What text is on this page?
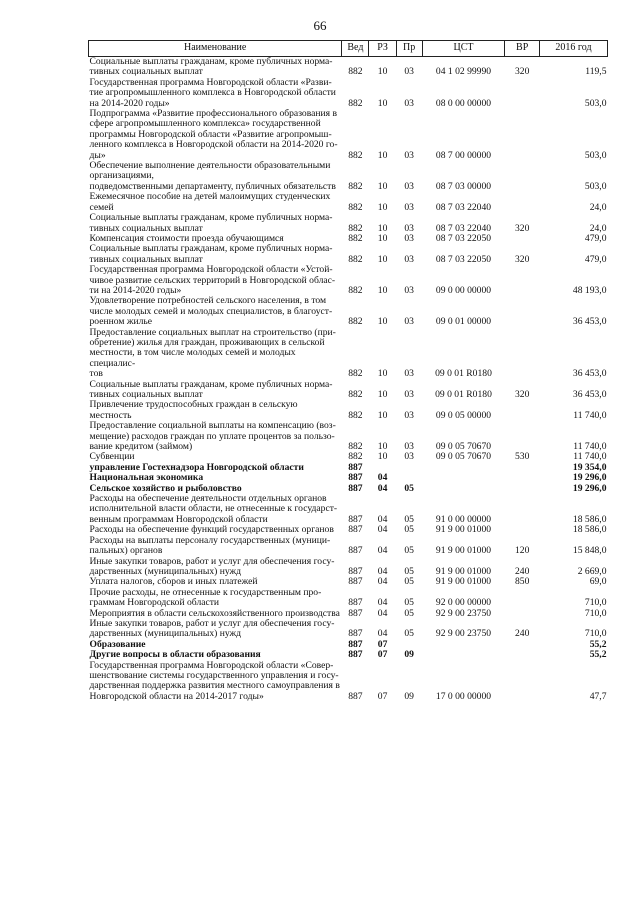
66
Наименование	Вед	РЗ	Пр	ЦСТ	ВР	2016 год

Социальные выплаты гражданам, кроме публичных норма-
тивных социальных выплат	882	10	03	04 1 02 99990	320	119,5

Государственная программа Новгородской области «Разви-
тие агропромышленного комплекса в Новгородской области
на 2014-2020 годы»	882	10	03	08 0 00 00000		503,0

Подпрограмма «Развитие профессионального образования в
сфере агропромышленного комплекса» государственной
программы Новгородской области «Развитие агропромыш-
ленного комплекса в Новгородской области на 2014-2020 го-
ды»	882	10	03	08 7 00 00000		503,0

Обеспечение выполнение деятельности образовательными организациями,
подведомственными департаменту, публичных обязательств	882	10	03	08 7 03 00000		503,0

Ежемесячное пособие на детей малоимущих студенческих
семей	882	10	03	08 7 03 22040		24,0

Социальные выплаты гражданам, кроме публичных норма-
тивных социальных выплат	882	10	03	08 7 03 22040	320	24,0

Компенсация стоимости проезда обучающимся	882	10	03	08 7 03 22050		479,0

Социальные выплаты гражданам, кроме публичных норма-
тивных социальных выплат	882	10	03	08 7 03 22050	320	479,0

Государственная программа Новгородской области «Устой-
чивое развитие сельских территорий в Новгородской облас-
ти на 2014-2020 годы»	882	10	03	09 0 00 00000		48 193,0

Удовлетворение потребностей сельского населения, в том
числе молодых семей и молодых специалистов, в благоуст-
роенном жилье	882	10	03	09 0 01 00000		36 453,0

Предоставление социальных выплат на строительство (при-
обретение) жилья для граждан, проживающих в сельской
местности, в том числе молодых семей и молодых специалис-
тов	882	10	03	09 0 01 R0180		36 453,0

Социальные выплаты гражданам, кроме публичных норма-
тивных социальных выплат	882	10	03	09 0 01 R0180	320	36 453,0

Привлечение трудоспособных граждан в сельскую местность	882	10	03	09 0 05 00000		11 740,0

Предоставление социальной выплаты на компенсацию (воз-
мещение) расходов граждан по уплате процентов за пользо-
вание кредитом (займом)	882	10	03	09 0 05 70670		11 740,0

Субвенции	882	10	03	09 0 05 70670	530	11 740,0

управление Гостехнадзора Новгородской области	887					19 354,0

Национальная экономика	887	04				19 296,0

Сельское хозяйство и рыболовство	887	04	05			19 296,0

Расходы на обеспечение деятельности отдельных органов
исполнительной власти области, не отнесенные к государст-
венным программам Новгородской области	887	04	05	91 0 00 00000		18 586,0

Расходы на обеспечение функций государственных органов	887	04	05	91 9 00 01000		18 586,0

Расходы на выплаты персоналу государственных (муници-
пальных) органов	887	04	05	91 9 00 01000	120	15 848,0

Иные закупки товаров, работ и услуг для обеспечения госу-
дарственных (муниципальных) нужд	887	04	05	91 9 00 01000	240	2 669,0

Уплата налогов, сборов и иных платежей	887	04	05	91 9 00 01000	850	69,0

Прочие расходы, не отнесенные к государственным про-
граммам Новгородской области	887	04	05	92 0 00 00000		710,0

Мероприятия в области сельскохозяйственного производства	887	04	05	92 9 00 23750		710,0

Иные закупки товаров, работ и услуг для обеспечения госу-
дарственных (муниципальных) нужд	887	04	05	92 9 00 23750	240	710,0

Образование	887	07				55,2

Другие вопросы в области образования	887	07	09			55,2

Государственная программа Новгородской области «Совер-
шенствование системы государственного управления и госу-
дарственная поддержка развития местного самоуправления в
Новгородской области на 2014-2017 годы»	887	07	09	17 0 00 00000		47,7
